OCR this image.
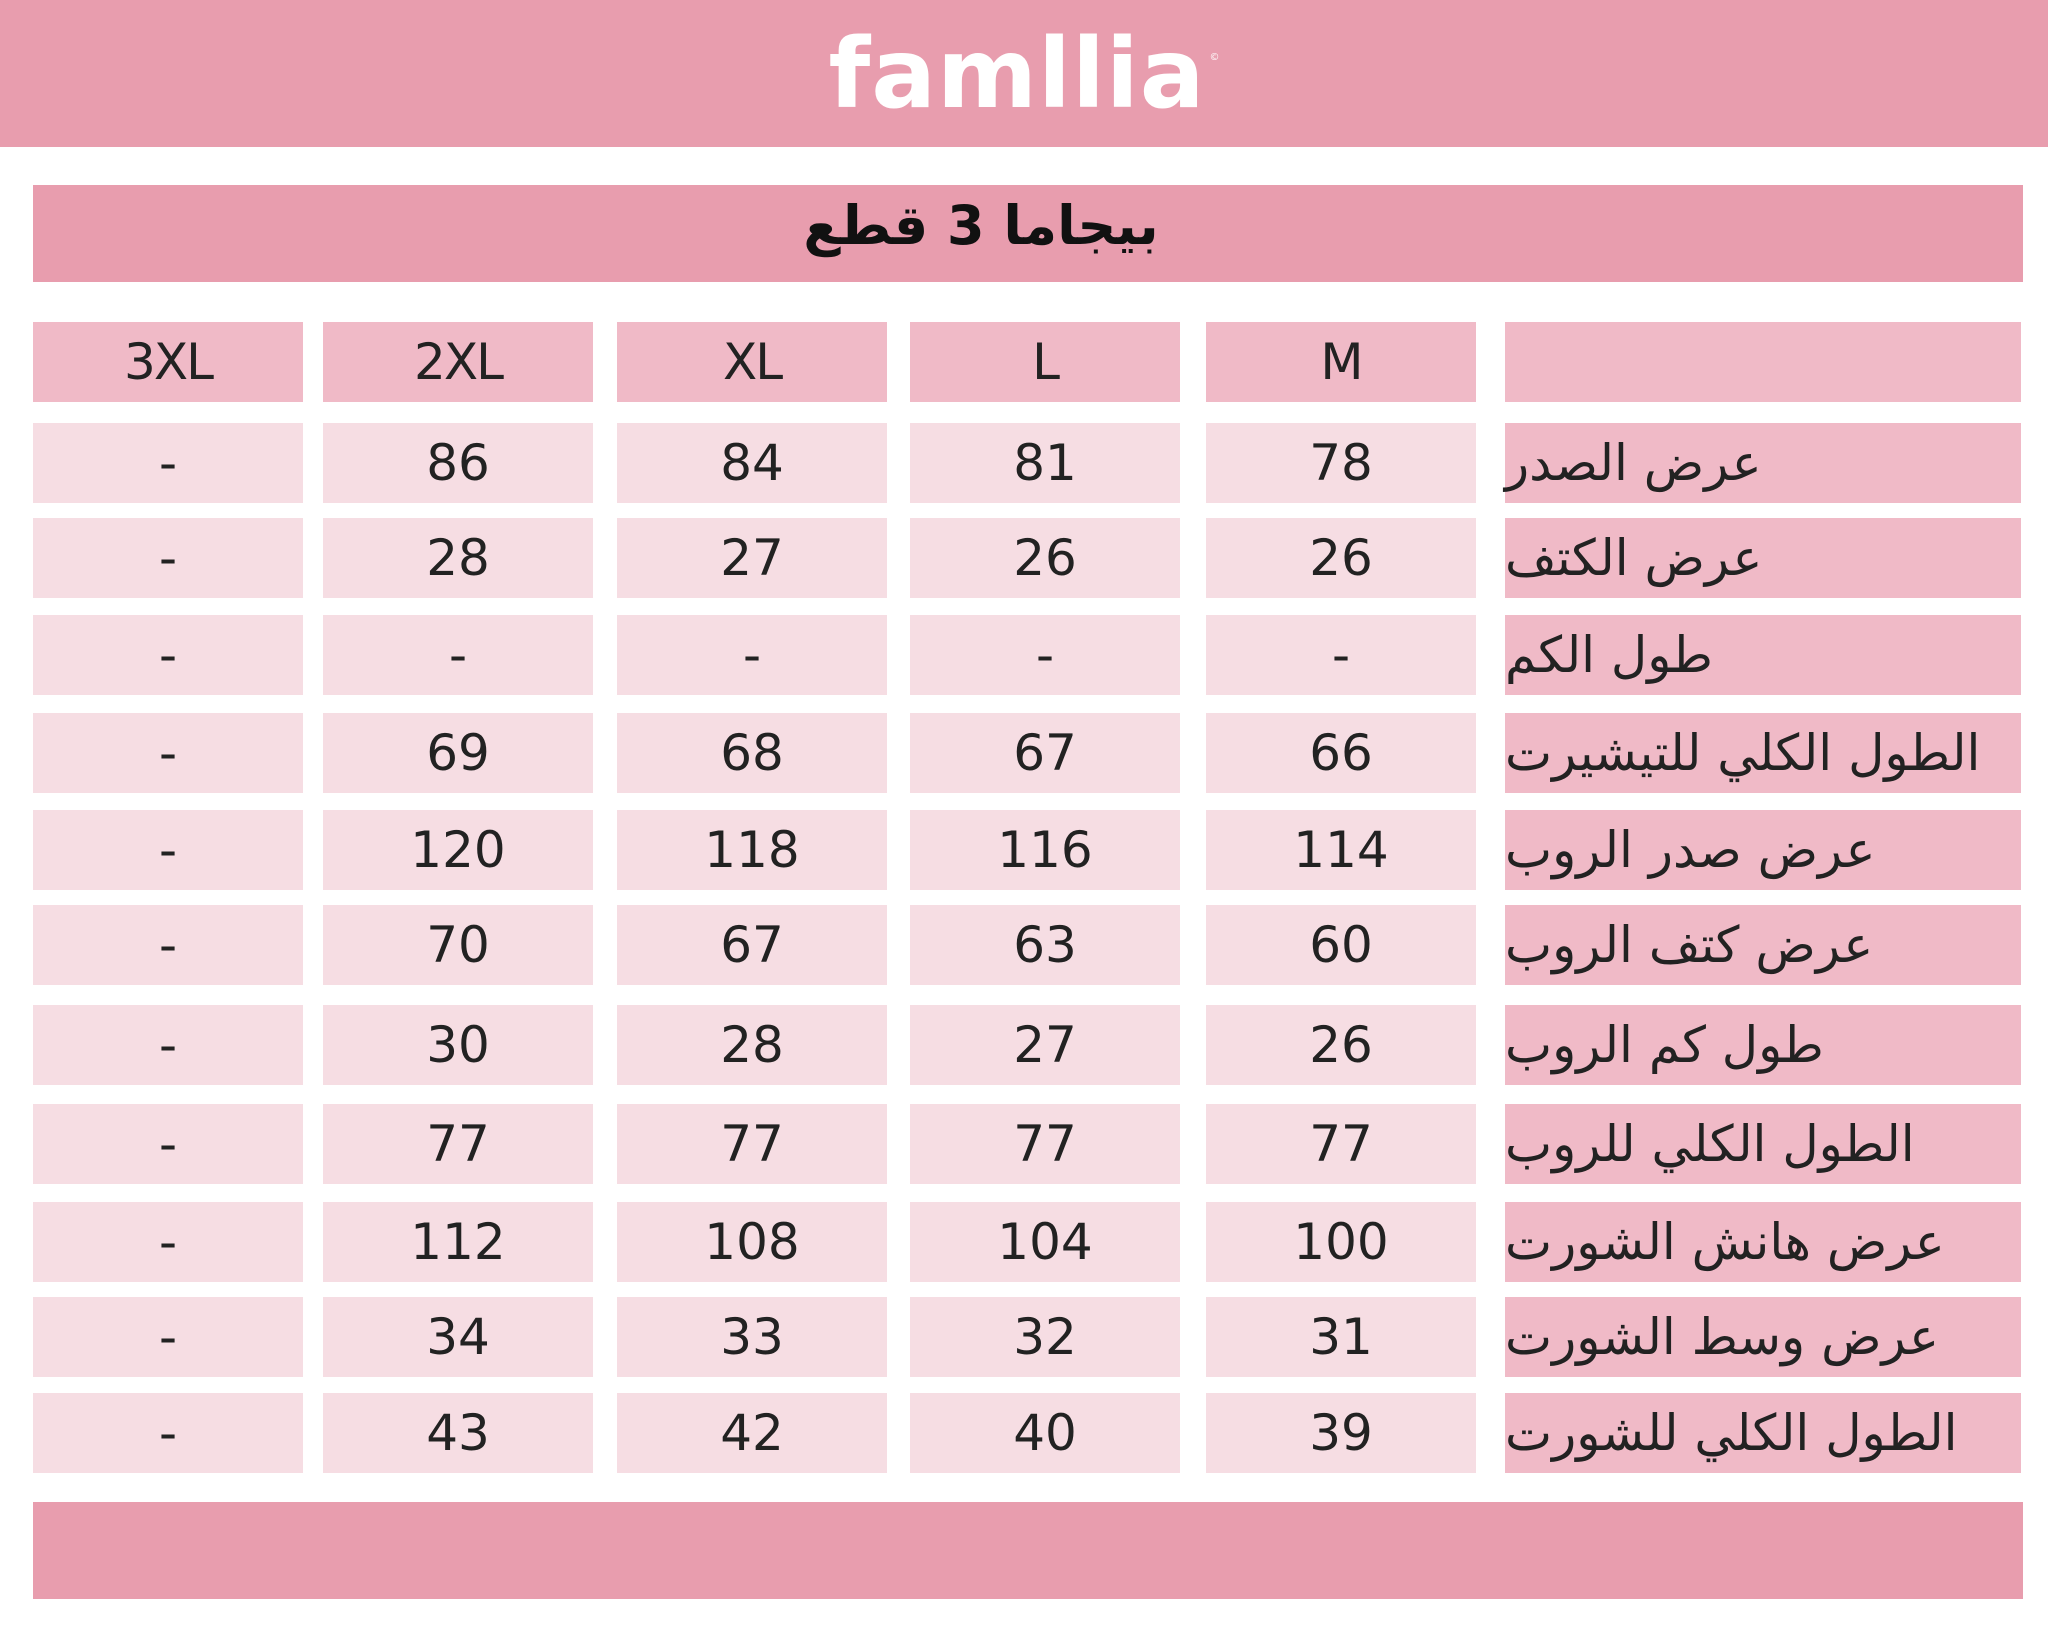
famllia ©
بيجاما 3 قطع
3XL	2XL	XL	L	M
-	86	84	81	78	عرض الصدر
-	28	27	26	26	عرض الكتف
-	-	-	-	-	طول الكم
-	69	68	67	66	الطول الكلي للتيشيرت
-	120	118	116	114	عرض صدر الروب
-	70	67	63	60	عرض كتف الروب
-	30	28	27	26	طول كم الروب
-	77	77	77	77	الطول الكلي للروب
-	112	108	104	100	عرض هانش الشورت
-	34	33	32	31	عرض وسط الشورت
-	43	42	40	39	الطول الكلي للشورت
